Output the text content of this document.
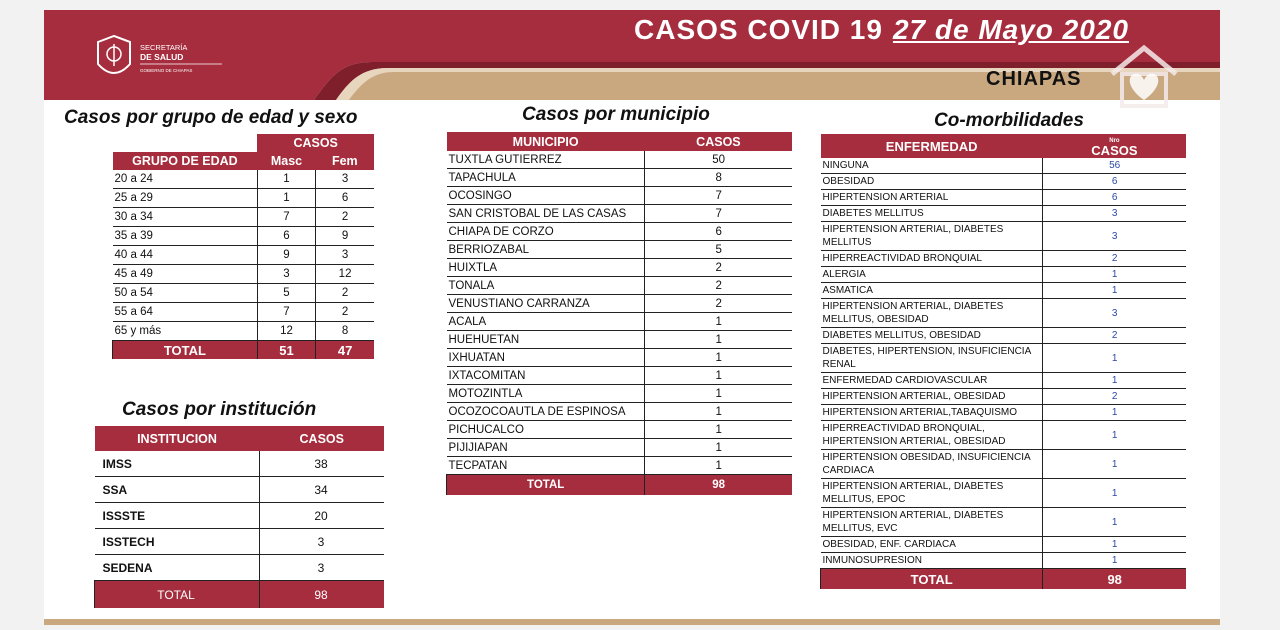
SECRETARÍA
DE SALUD
GOBIERNO DE CHIAPAS
CASOS COVID 19 27 de Mayo 2020
CHIAPAS
Casos por grupo de edad y sexo
	CASOS	
GRUPO DE EDAD	Masc	Fem
20 a 24	1	3
25 a 29	1	6
30 a 34	7	2
35 a 39	6	9
40 a 44	9	3
45 a 49	3	12
50 a 54	5	2
55 a 64	7	2
65 y más	12	8
TOTAL	51	47
Casos por institución
INSTITUCION	CASOS
IMSS	38
SSA	34
ISSSTE	20
ISSTECH	3
SEDENA	3
TOTAL	98
Casos por municipio
MUNICIPIO	CASOS
TUXTLA GUTIERREZ	50
TAPACHULA	8
OCOSINGO	7
SAN CRISTOBAL DE LAS CASAS	7
CHIAPA DE CORZO	6
BERRIOZABAL	5
HUIXTLA	2
TONALA	2
VENUSTIANO CARRANZA	2
ACALA	1
HUEHUETAN	1
IXHUATAN	1
IXTACOMITAN	1
MOTOZINTLA	1
OCOZOCOAUTLA DE ESPINOSA	1
PICHUCALCO	1
PIJIJIAPAN	1
TECPATAN	1
TOTAL	98
Co-morbilidades
ENFERMEDAD	Nro
CASOS
NINGUNA	56
OBESIDAD	6
HIPERTENSION ARTERIAL	6
DIABETES MELLITUS	3
HIPERTENSION ARTERIAL, DIABETES MELLITUS	3
HIPERREACTIVIDAD BRONQUIAL	2
ALERGIA	1
ASMATICA	1
HIPERTENSION ARTERIAL, DIABETES MELLITUS, OBESIDAD	3
DIABETES MELLITUS, OBESIDAD	2
DIABETES, HIPERTENSION, INSUFICIENCIA RENAL	1
ENFERMEDAD CARDIOVASCULAR	1
HIPERTENSION ARTERIAL, OBESIDAD	2
HIPERTENSION ARTERIAL,TABAQUISMO	1
HIPERREACTIVIDAD BRONQUIAL, HIPERTENSION ARTERIAL, OBESIDAD	1
HIPERTENSION OBESIDAD, INSUFICIENCIA CARDIACA	1
HIPERTENSION ARTERIAL, DIABETES MELLITUS, EPOC	1
HIPERTENSION ARTERIAL, DIABETES MELLITUS, EVC	1
OBESIDAD, ENF. CARDIACA	1
INMUNOSUPRESION	1
TOTAL	98
